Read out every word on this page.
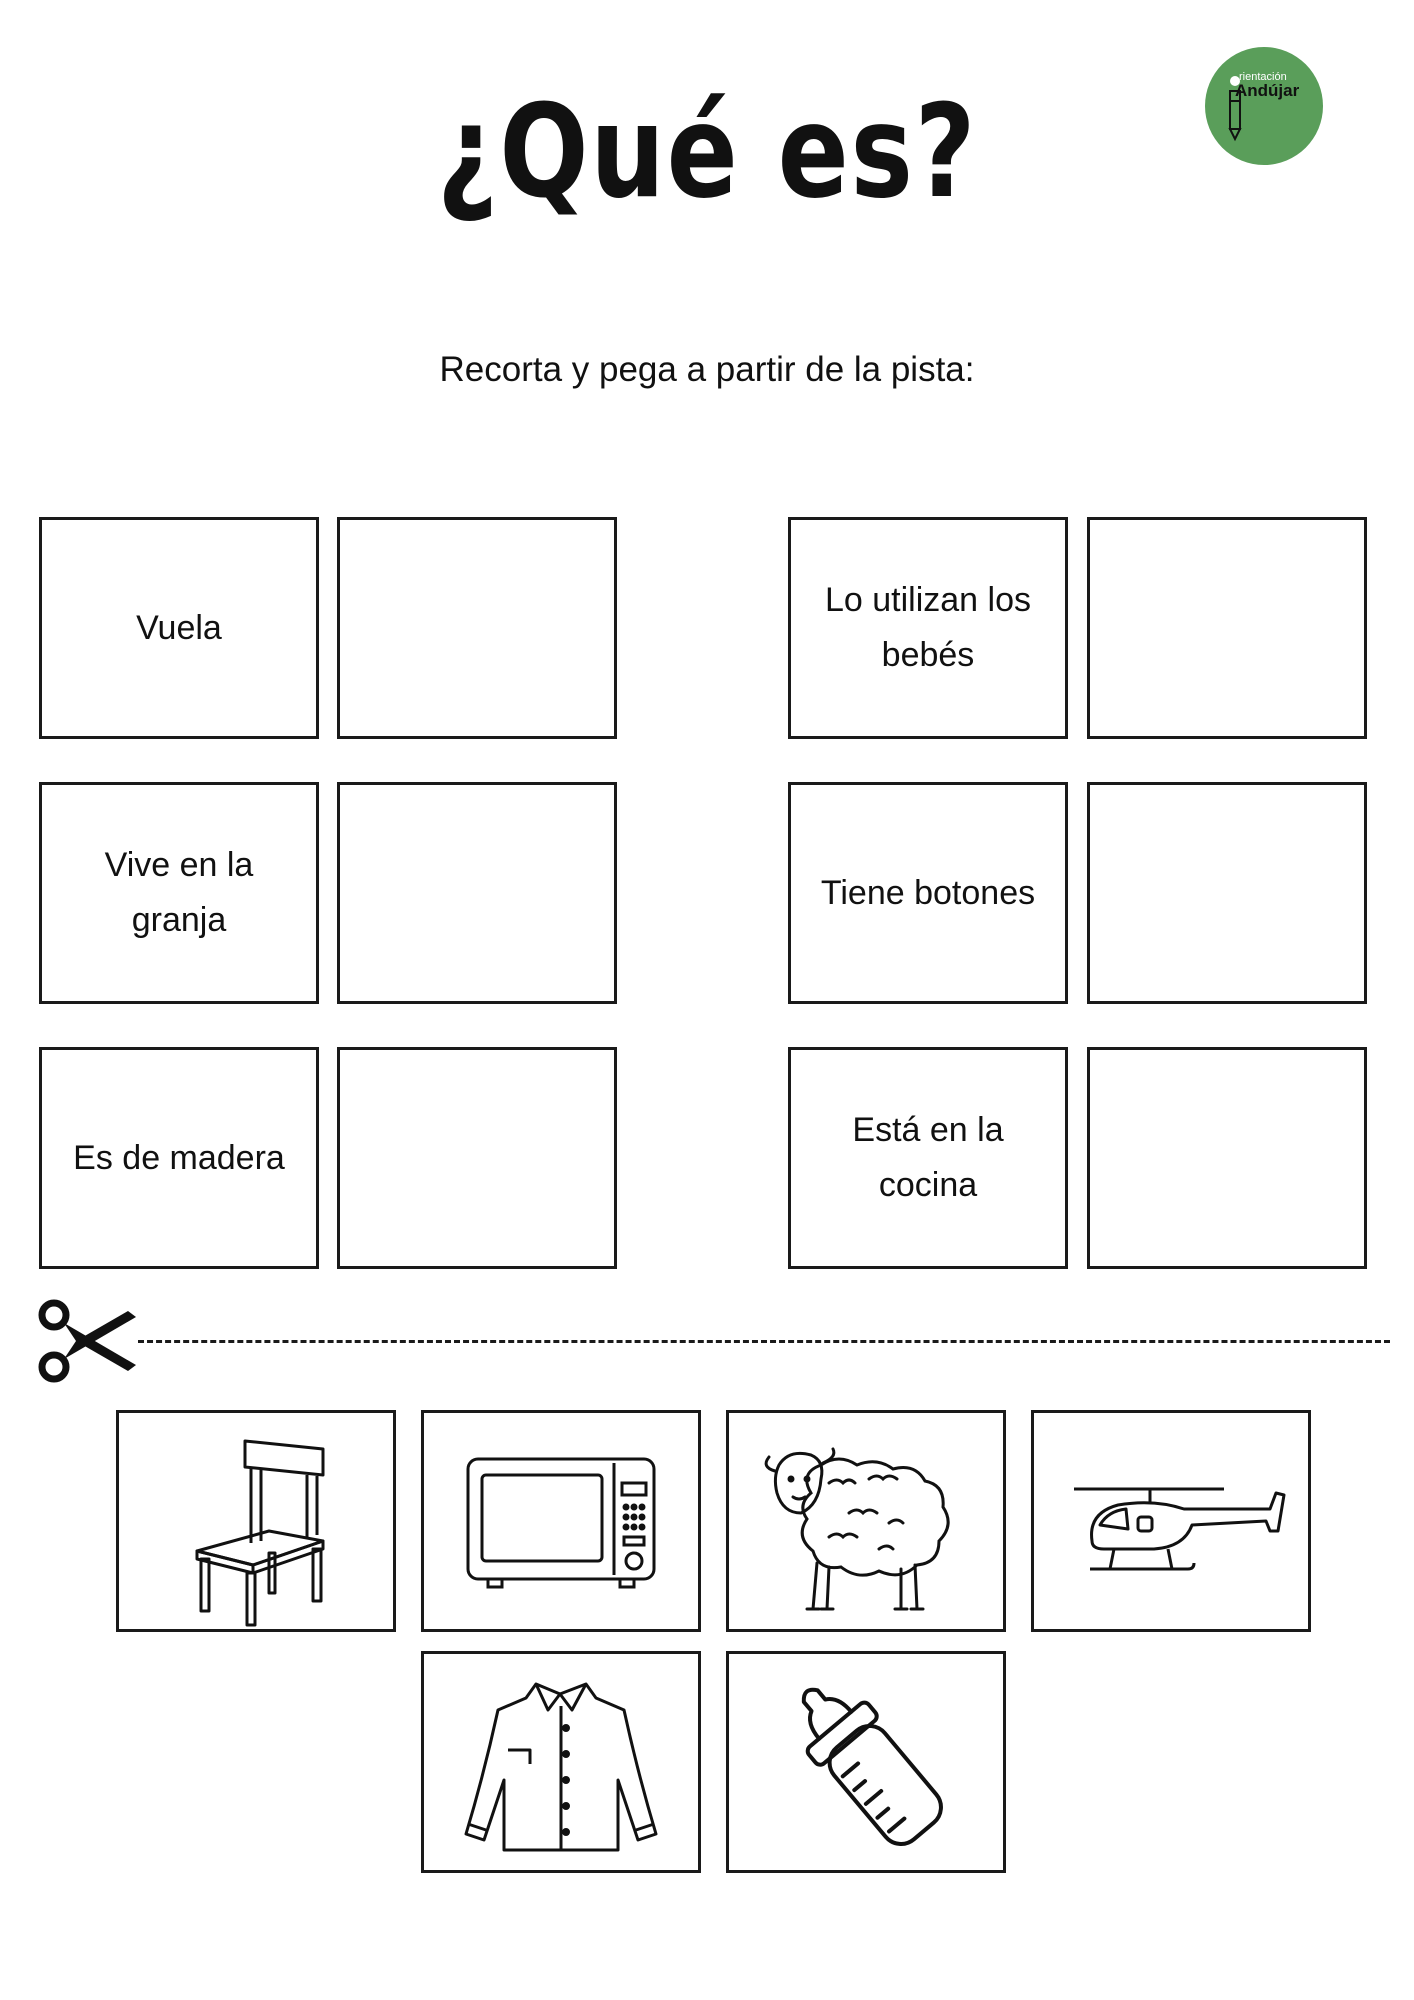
¿Qué es?
rientación
Andújar
Recorta y pega a partir de la pista:
Vuela
Vive en la
granja
Es de madera
Lo utilizan los
bebés
Tiene botones
Está en la
cocina
